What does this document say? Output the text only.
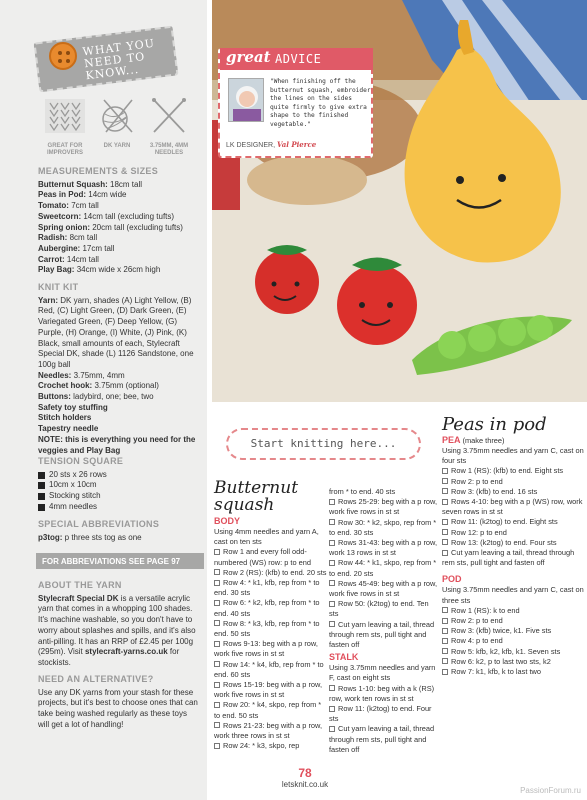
WHAT YOU
NEED TO
KNOW...
GREAT FOR IMPROVERS
DK YARN	3.75MM, 4MM NEEDLES
MEASUREMENTS & SIZES
Butternut Squash: 18cm tall
Peas in Pod: 14cm wide
Tomato: 7cm tall
Sweetcorn: 14cm tall (excluding tufts)
Spring onion: 20cm tall (excluding tufts)
Radish: 8cm tall
Aubergine: 17cm tall
Carrot: 14cm tall
Play Bag: 34cm wide x 26cm high
KNIT KIT
Yarn: DK yarn, shades (A) Light Yellow, (B) Red, (C) Light Green, (D) Dark Green, (E) Variegated Green, (F) Deep Yellow, (G) Purple, (H) Orange, (I) White, (J) Pink, (K) Black, small amounts of each, Stylecraft Special DK, shade (L) 1126 Sandstone, one 100g ball
Needles: 3.75mm, 4mm
Crochet hook: 3.75mm (optional)
Buttons: ladybird, one; bee, two
Safety toy stuffing
Stitch holders
Tapestry needle
NOTE: this is everything you need for the veggies and Play Bag
TENSION SQUARE
20 sts x 26 rows
10cm x 10cm
Stocking stitch
4mm needles
SPECIAL ABBREVIATIONS
p3tog: p three sts tog as one
FOR ABBREVIATIONS SEE PAGE 97
ABOUT THE YARN
Stylecraft Special DK is a versatile acrylic yarn that comes in a whopping 100 shades. It's machine washable, so you don't have to worry about splashes and spills, and it's also anti-pilling. It has an RRP of £2.45 per 100g (295m). Visit stylecraft-yarns.co.uk for stockists.
NEED AN ALTERNATIVE?
Use any DK yarns from your stash for these projects, but it's best to choose ones that can take being washed regularly as these toys will get a lot of handling!
great ADVICE
"When finishing off the butternut squash, embroider the lines on the sides quite firmly to give extra shape to the finished vegetable."
LK DESIGNER, Val Pierce
Start knitting here...
Butternut squash
BODY
Using 4mm needles and yarn A, cast on ten sts
Row 1 and every foll odd-numbered (WS) row: p to end
Row 2 (RS): (kfb) to end. 20 sts
Row 4: * k1, kfb, rep from * to end. 30 sts
Row 6: * k2, kfb, rep from * to end. 40 sts
Row 8: * k3, kfb, rep from * to end. 50 sts
Rows 9-13: beg with a p row, work five rows in st st
Row 14: * k4, kfb, rep from * to end. 60 sts
Rows 15-19: beg with a p row, work five rows in st st
Row 20: * k4, skpo, rep from * to end. 50 sts
Rows 21-23: beg with a p row, work three rows in st st
Row 24: * k3, skpo, rep
from * to end. 40 sts
Rows 25-29: beg with a p row, work five rows in st st
Row 30: * k2, skpo, rep from * to end. 30 sts
Rows 31-43: beg with a p row, work 13 rows in st st
Row 44: * k1, skpo, rep from * to end. 20 sts
Rows 45-49: beg with a p row, work five rows in st st
Row 50: (k2tog) to end. Ten sts
Cut yarn leaving a tail, thread through rem sts, pull tight and fasten off
STALK
Using 3.75mm needles and yarn F, cast on eight sts
Rows 1-10: beg with a k (RS) row, work ten rows in st st
Row 11: (k2tog) to end. Four sts
Cut yarn leaving a tail, thread through rem sts, pull tight and fasten off
Peas in pod
PEA (make three)
Using 3.75mm needles and yarn C, cast on four sts
Row 1 (RS): (kfb) to end. Eight sts
Row 2: p to end
Row 3: (kfb) to end. 16 sts
Rows 4-10: beg with a p (WS) row, work seven rows in st st
Row 11: (k2tog) to end. Eight sts
Row 12: p to end
Row 13: (k2tog) to end. Four sts
Cut yarn leaving a tail, thread through rem sts, pull tight and fasten off
POD
Using 3.75mm needles and yarn C, cast on three sts
Row 1 (RS): k to end
Row 2: p to end
Row 3: (kfb) twice, k1. Five sts
Row 4: p to end
Row 5: kfb, k2, kfb, k1. Seven sts
Row 6: k2, p to last two sts, k2
Row 7: k1, kfb, k to last two
78
letsknit.co.uk
PassionForum.ru
